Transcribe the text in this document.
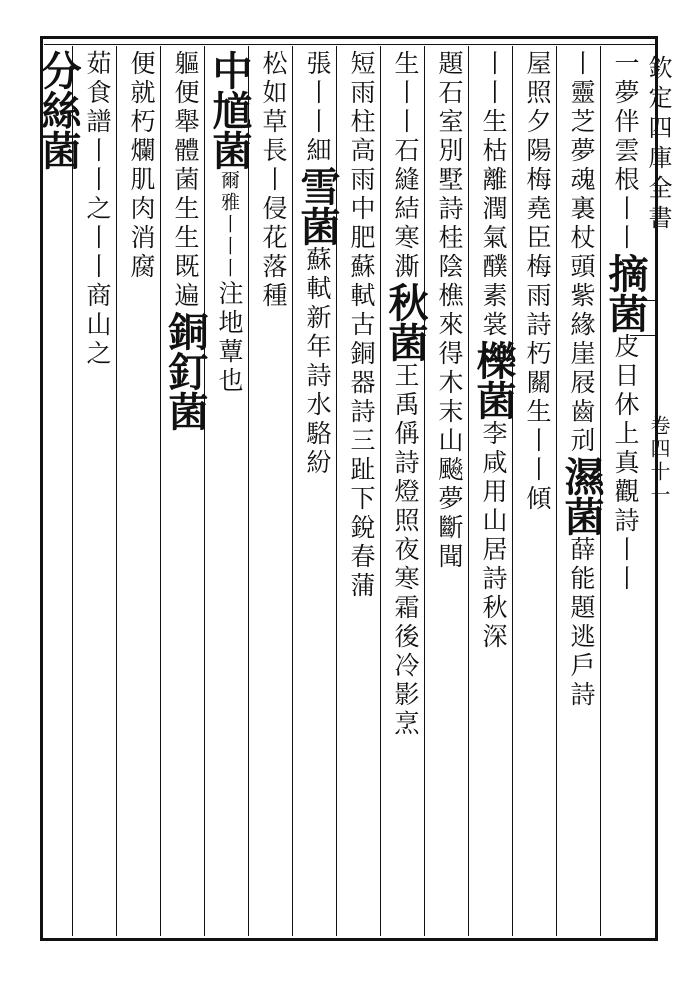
欽定四庫全書
卷四十一
一夢伴雲根丨丨
摘菌
皮日休上真觀詩丨丨
丨靈芝夢魂裏
杖頭紫緣崖屐齒刓
濕菌
薛能題逃戶詩
屋照夕陽梅堯臣梅雨詩
朽關生丨丨傾
丨丨生枯離潤氣醭素裳
櫟菌
李咸用山居詩秋深
題石室別墅詩桂陰
樵來得木末山飈夢斷聞
生丨丨石縫結寒澌
秋菌
王禹偁詩燈照夜寒霜後冷影烹
短雨柱高
雨中肥蘇軾古銅器詩三趾下銳春蒲
張丨丨細
雪菌
蘇軾新年詩水駱紛
松如草長
丨侵花落種
中馗菌
爾雅丨丨丨
注地蕈也
軀便舉體菌生生既遍
銅釘菌
便就朽爛肌肉消腐
茹食譜丨丨之丨丨商山之
分絲菌
